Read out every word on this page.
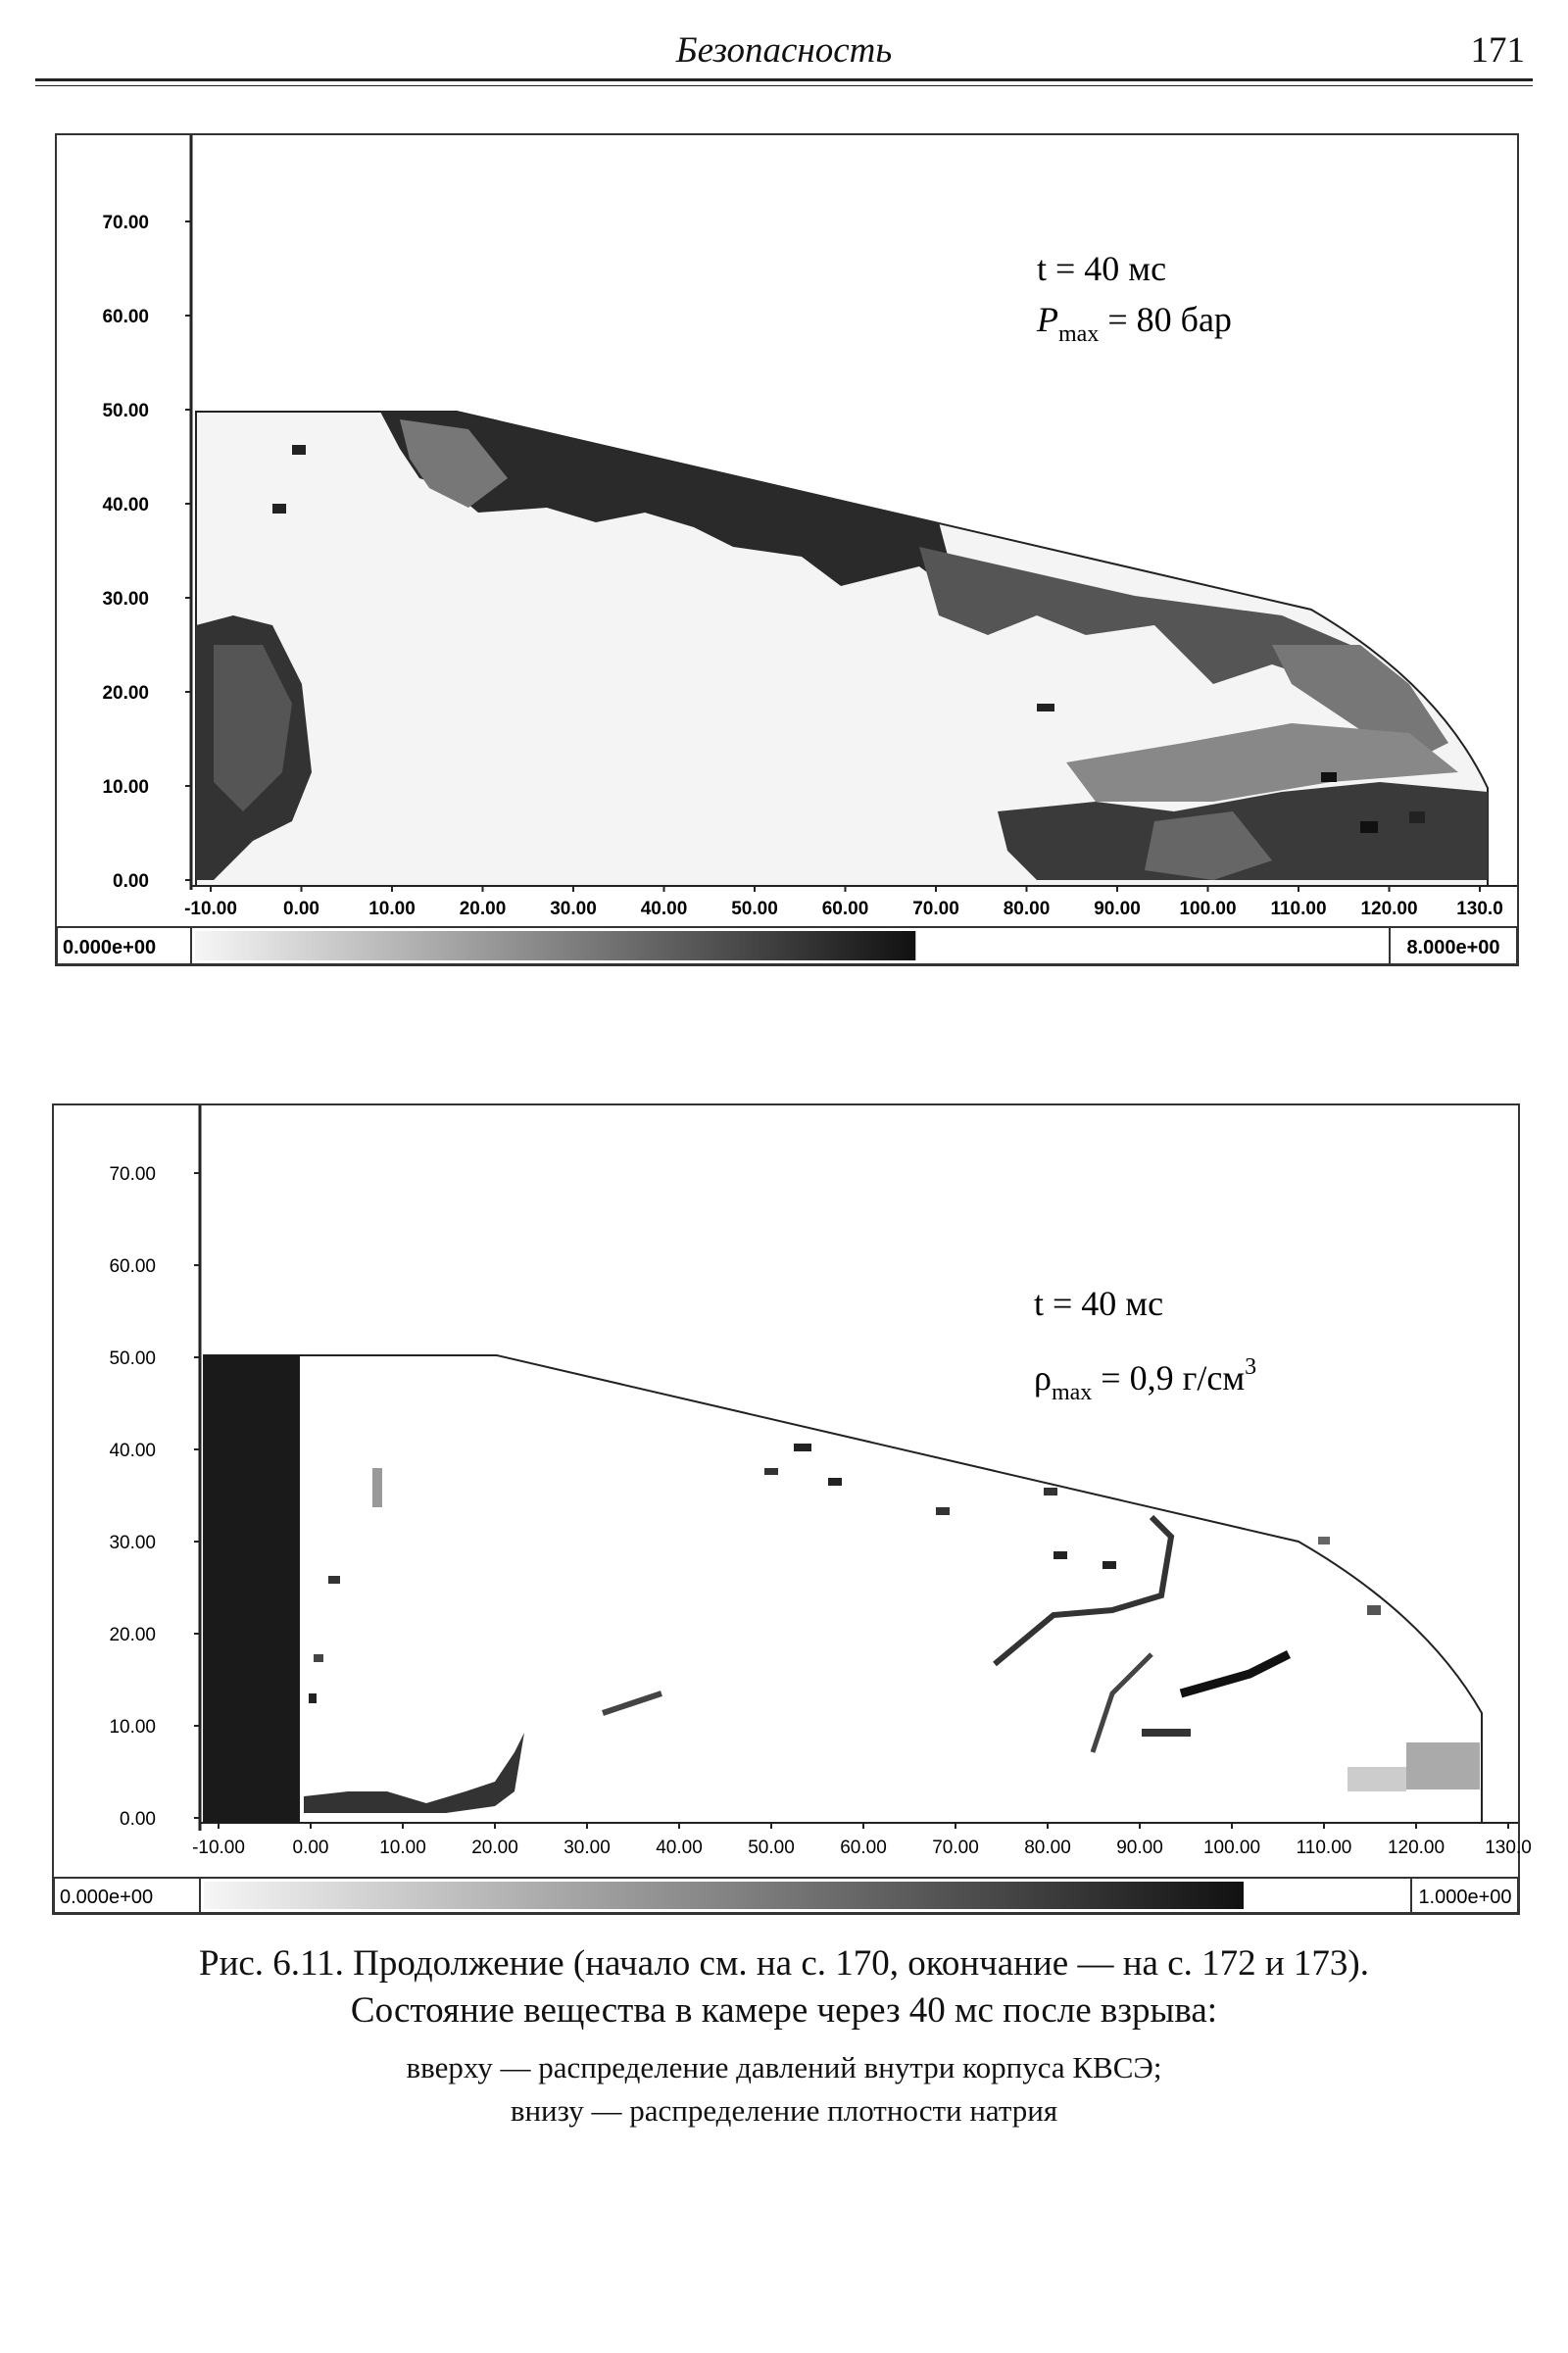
Безопасность	171
0.000e+00	8.000e+00
t = 40 мс
$P_{max} = 80$ бар
-10.00 0.00	10.00 20.00 30.00 40.00 50.00 60.00 70.00 80.00 90.00 100.00 110.00 120.00 130.0
0.00
10.00
20.00
30.00
40.00
50.00
60.00
70.00
0.000e+00	1.000e+00
t = 40 мс
$\rho_{max} = 0,9$ $г/см^3$
-10.00	0.00	10.00 20.00 30.00 40.00 50.00 60.00 70.00 80.00 90.00 100.00 110.00 120.00 130.0
0.00
10.00
20.00
30.00
40.00
50.00
60.00
70.00
Рис. 6.11. Продолжение (начало см. на с. 170, окончание — на с. 172 и 173).
Состояние вещества в камере через 40 мс после взрыва:
вверху — распределение давлений внутри корпуса КВСЭ;
внизу — распределение плотности натрия
